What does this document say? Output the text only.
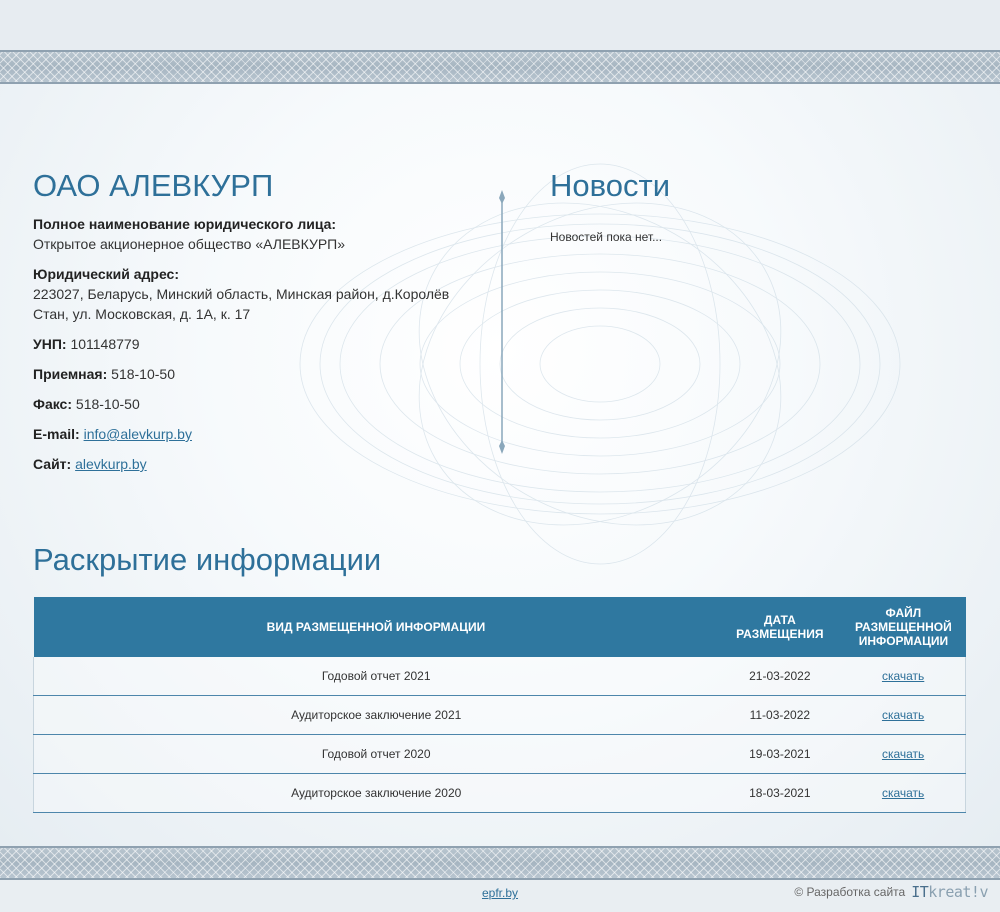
ОАО АЛЕВКУРП
Полное наименование юридического лица:
Открытое акционерное общество «АЛЕВКУРП»
Юридический адрес:
223027, Беларусь, Минский область, Минская район, д.Королёв Стан, ул. Московская, д. 1А, к. 17
УНП: 101148779
Приемная: 518-10-50
Факс: 518-10-50
E-mail: info@alevkurp.by
Сайт: alevkurp.by
Новости
Новостей пока нет...
Раскрытие информации
ВИД РАЗМЕЩЕННОЙ ИНФОРМАЦИИ	ДАТА РАЗМЕЩЕНИЯ	ФАЙЛ РАЗМЕЩЕННОЙ ИНФОРМАЦИИ
Годовой отчет 2021	21-03-2022	скачать
Аудиторское заключение 2021	11-03-2022	скачать
Годовой отчет 2020	19-03-2021	скачать
Аудиторское заключение 2020	18-03-2021	скачать
epfr.by	© Разработка сайта ITkreat!v
